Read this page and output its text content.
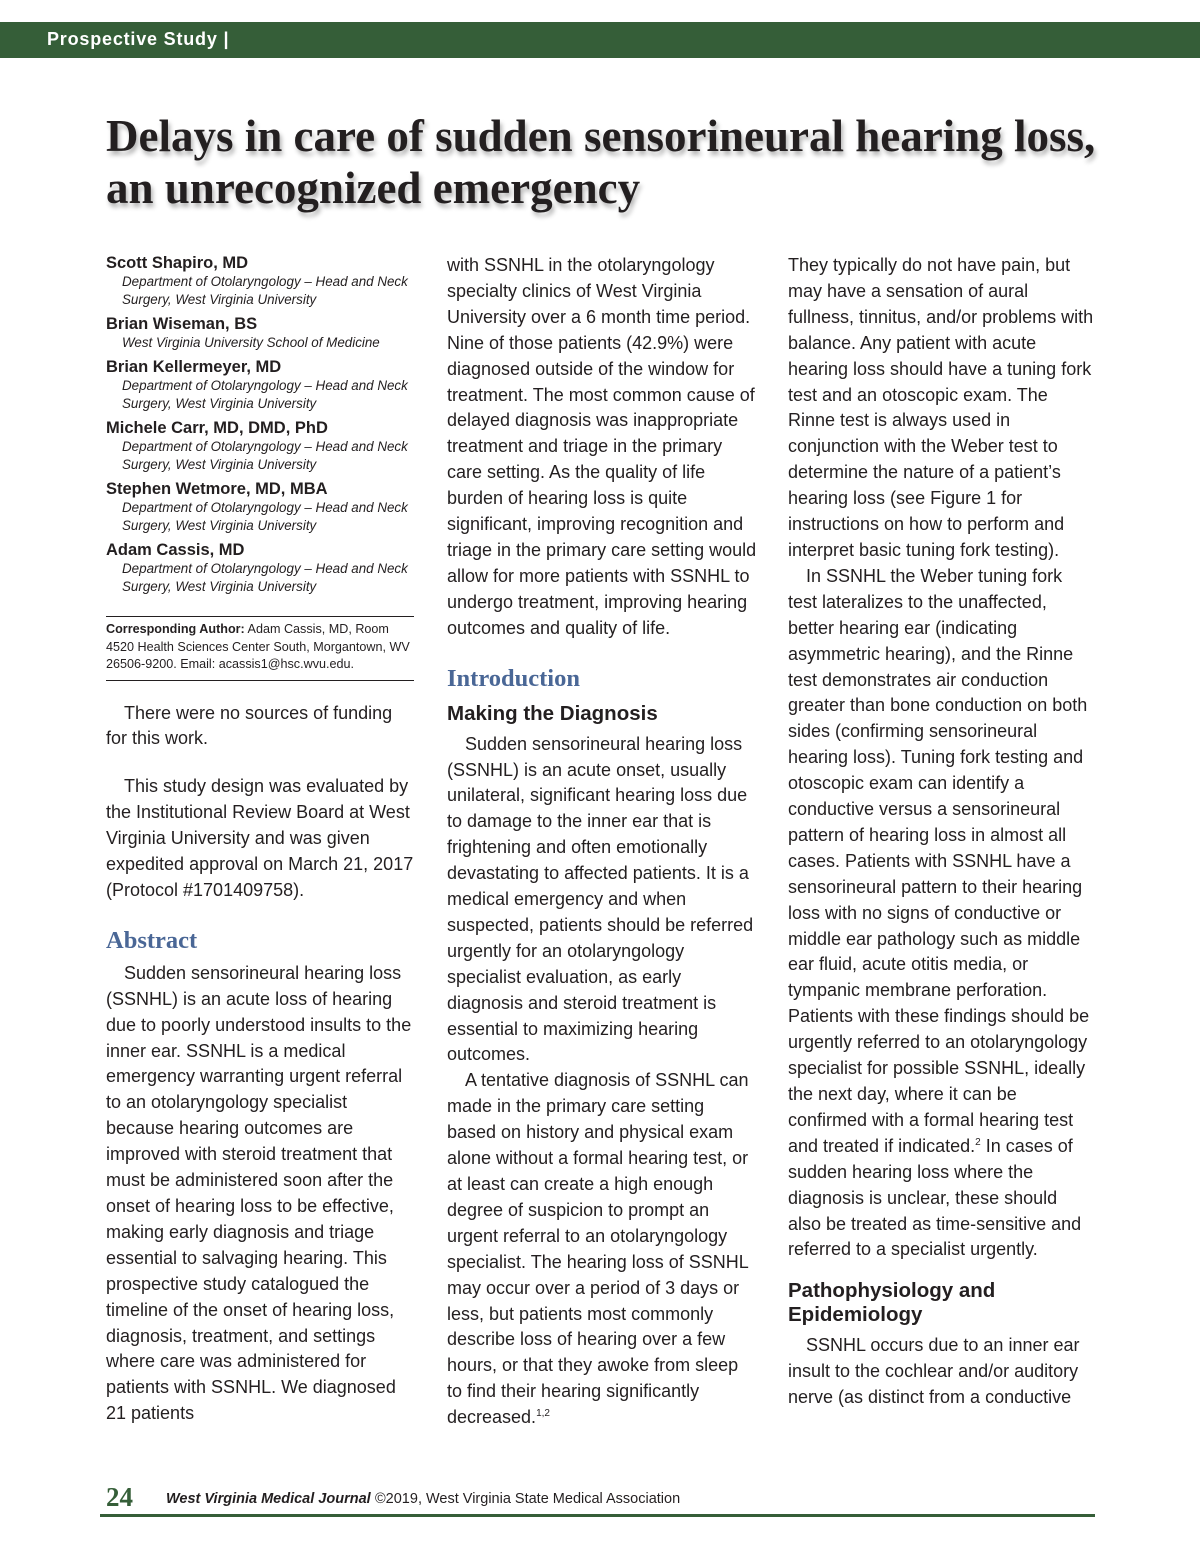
Prospective Study |
Delays in care of sudden sensorineural hearing loss, an unrecognized emergency
Scott Shapiro, MD
Department of Otolaryngology – Head and Neck Surgery, West Virginia University
Brian Wiseman, BS
West Virginia University School of Medicine
Brian Kellermeyer, MD
Department of Otolaryngology – Head and Neck Surgery, West Virginia University
Michele Carr, MD, DMD, PhD
Department of Otolaryngology – Head and Neck Surgery, West Virginia University
Stephen Wetmore, MD, MBA
Department of Otolaryngology – Head and Neck Surgery, West Virginia University
Adam Cassis, MD
Department of Otolaryngology – Head and Neck Surgery, West Virginia University
Corresponding Author: Adam Cassis, MD, Room 4520 Health Sciences Center South, Morgantown, WV 26506-9200. Email: acassis1@hsc.wvu.edu.

There were no sources of funding for this work.

This study design was evaluated by the Institutional Review Board at West Virginia University and was given expedited approval on March 21, 2017 (Protocol #1701409758).

Abstract

Sudden sensorineural hearing loss (SSNHL) is an acute loss of hearing due to poorly understood insults to the inner ear. SSNHL is a medical emergency warranting urgent referral to an otolaryngology specialist because hearing outcomes are improved with steroid treatment that must be administered soon after the onset of hearing loss to be effective, making early diagnosis and triage essential to salvaging hearing. This prospective study catalogued the timeline of the onset of hearing loss, diagnosis, treatment, and settings where care was administered for patients with SSNHL. We diagnosed 21 patients

with SSNHL in the otolaryngology specialty clinics of West Virginia University over a 6 month time period. Nine of those patients (42.9%) were diagnosed outside of the window for treatment. The most common cause of delayed diagnosis was inappropriate treatment and triage in the primary care setting. As the quality of life burden of hearing loss is quite significant, improving recognition and triage in the primary care setting would allow for more patients with SSNHL to undergo treatment, improving hearing outcomes and quality of life.

Introduction
Making the Diagnosis

Sudden sensorineural hearing loss (SSNHL) is an acute onset, usually unilateral, significant hearing loss due to damage to the inner ear that is frightening and often emotionally devastating to affected patients. It is a medical emergency and when suspected, patients should be referred urgently for an otolaryngology specialist evaluation, as early diagnosis and steroid treatment is essential to maximizing hearing outcomes.

A tentative diagnosis of SSNHL can made in the primary care setting based on history and physical exam alone without a formal hearing test, or at least can create a high enough degree of suspicion to prompt an urgent referral to an otolaryngology specialist. The hearing loss of SSNHL may occur over a period of 3 days or less, but patients most commonly describe loss of hearing over a few hours, or that they awoke from sleep to find their hearing significantly decreased.$^{1,2}$

They typically do not have pain, but may have a sensation of aural fullness, tinnitus, and/or problems with balance. Any patient with acute hearing loss should have a tuning fork test and an otoscopic exam. The Rinne test is always used in conjunction with the Weber test to determine the nature of a patient’s hearing loss (see Figure 1 for instructions on how to perform and interpret basic tuning fork testing).

In SSNHL the Weber tuning fork test lateralizes to the unaffected, better hearing ear (indicating asymmetric hearing), and the Rinne test demonstrates air conduction greater than bone conduction on both sides (confirming sensorineural hearing loss). Tuning fork testing and otoscopic exam can identify a conductive versus a sensorineural pattern of hearing loss in almost all cases. Patients with SSNHL have a sensorineural pattern to their hearing loss with no signs of conductive or middle ear pathology such as middle ear fluid, acute otitis media, or tympanic membrane perforation. Patients with these findings should be urgently referred to an otolaryngology specialist for possible SSNHL, ideally the next day, where it can be confirmed with a formal hearing test and treated if indicated.$^2$ In cases of sudden hearing loss where the diagnosis is unclear, these should also be treated as time-sensitive and referred to a specialist urgently.

Pathophysiology and Epidemiology

SSNHL occurs due to an inner ear insult to the cochlear and/or auditory nerve (as distinct from a conductive

24 West Virginia Medical Journal ©2019, West Virginia State Medical Association
